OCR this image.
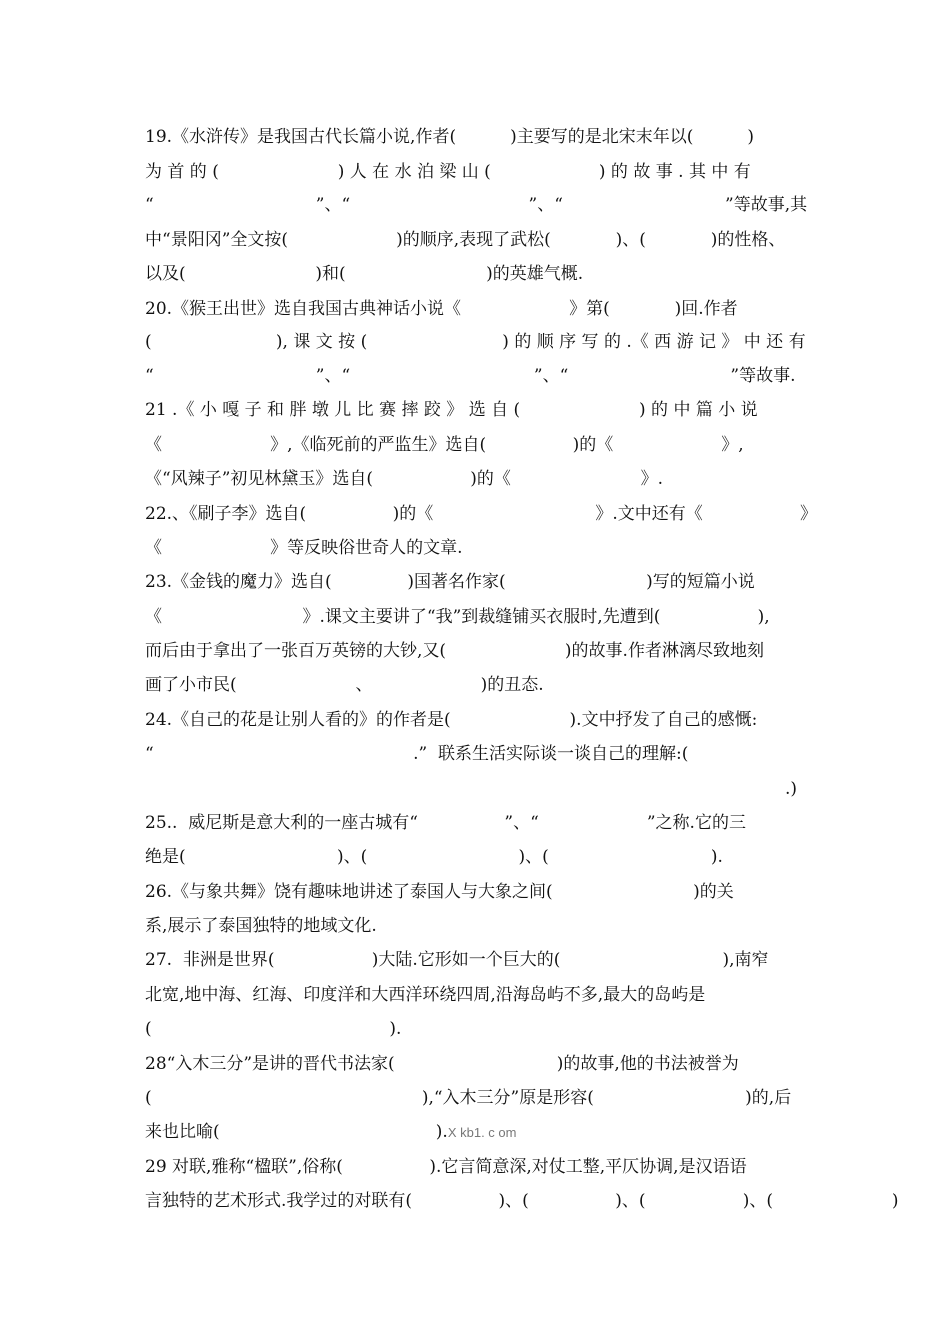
19.《水浒传》是我国古代长篇小说,作者(          )主要写的是北宋末年以(          )
为 首 的 (                      ) 人 在 水 泊 梁 山 (                    ) 的 故 事 . 其 中 有
“                              ”、“                                 ”、“                              ”等故事,其
中“景阳冈”全文按(                    )的顺序,表现了武松(            )、(            )的性格、
以及(                        )和(                          )的英雄气概.
20.《猴王出世》选自我国古典神话小说《                    》第(            )回.作者
(                       ), 课 文 按 (                         ) 的 顺 序 写 的 .《 西 游 记 》 中 还 有
“                              ”、“                                  ”、“                              ”等故事.
21 .《 小 嘎 子 和 胖 墩 儿 比 赛 摔 跤 》 选 自 (                      ) 的 中 篇 小 说
《                    》,《临死前的严监生》选自(                )的《                    》,
《“风辣子”初见林黛玉》选自(                  )的《                        》.
22.、《刷子李》选自(                )的《                              》.文中还有《                  》
《                    》等反映俗世奇人的文章.
23.《金钱的魔力》选自(              )国著名作家(                          )写的短篇小说
《                          》.课文主要讲了“我”到裁缝铺买衣服时,先遭到(                  ),
而后由于拿出了一张百万英镑的大钞,又(                      )的故事.作者淋漓尽致地刻
画了小市民(                      、                    )的丑态.
24.《自己的花是让别人看的》的作者是(                      ).文中抒发了自己的感慨:
“                                                .”  联系生活实际谈一谈自己的理解:(
.)
25..  威尼斯是意大利的一座古城有“                ”、“                    ”之称.它的三
绝是(                            )、(                            )、(                              ).
26.《与象共舞》饶有趣味地讲述了泰国人与大象之间(                          )的关
系,展示了泰国独特的地域文化.
27.  非洲是世界(                  )大陆.它形如一个巨大的(                              ),南窄
北宽,地中海、红海、印度洋和大西洋环绕四周,沿海岛屿不多,最大的岛屿是
(                                            ).
28“入木三分”是讲的晋代书法家(                              )的故事,他的书法被誉为
(                                                  ),“入木三分”原是形容(                            )的,后
来也比喻(                                        ).X kb1. c om
29 对联,雅称“楹联”,俗称(                ).它言简意深,对仗工整,平仄协调,是汉语语
言独特的艺术形式.我学过的对联有(                )、(                )、(                  )、(                      )
